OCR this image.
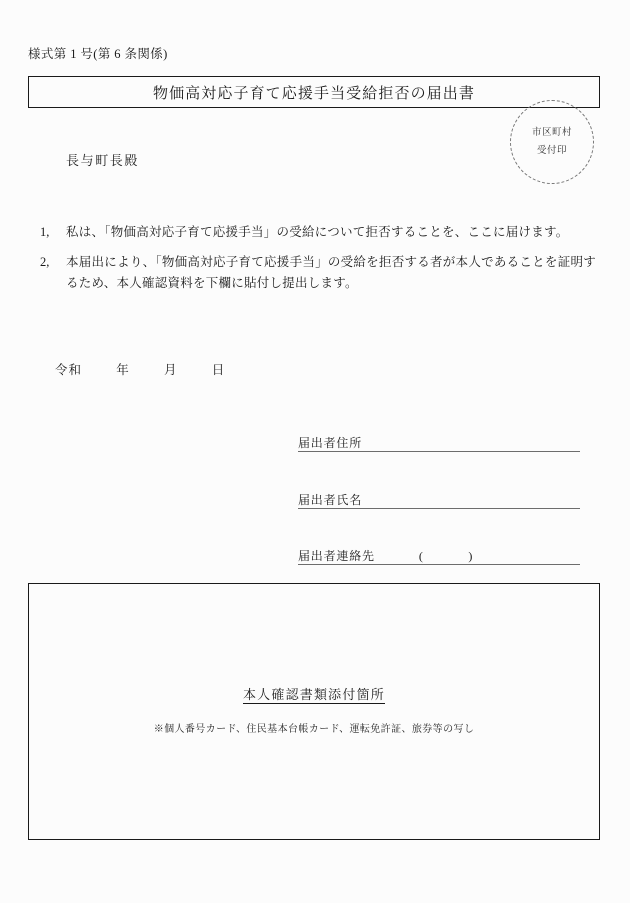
様式第 1 号(第 6 条関係)
物価高対応子育て応援手当受給拒否の届出書
市区町村
受付印
長与町長殿
1,	私は、「物価高対応子育て応援手当」の受給について拒否することを、ここに届けます。
2,	本届出により、「物価高対応子育て応援手当」の受給を拒否する者が本人であることを証明するため、本人確認資料を下欄に貼付し提出します。
令和	年	月	日
届出者住所
届出者氏名
届出者連絡先	(	)
本人確認書類添付箇所
※個人番号カード、住民基本台帳カード、運転免許証、旅券等の写し
